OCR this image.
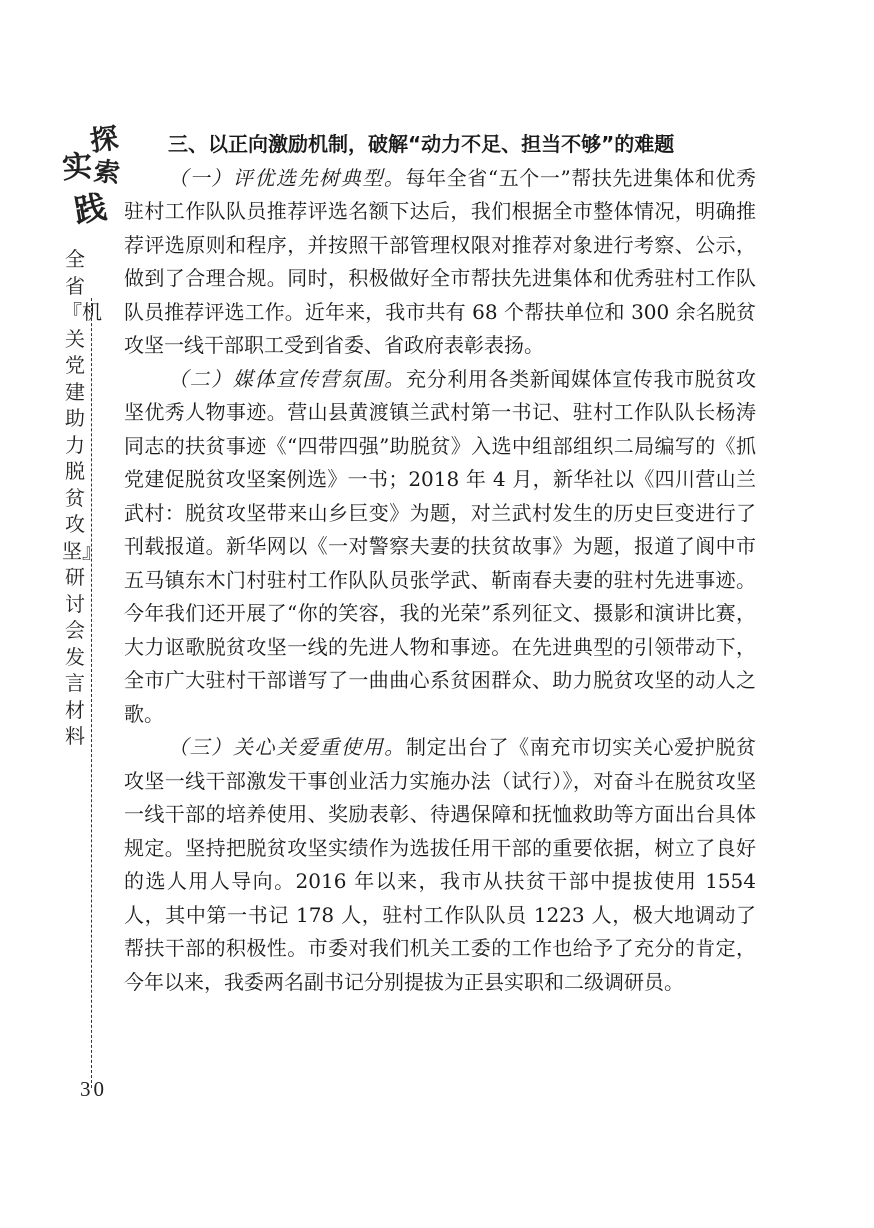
探
实
索
践
全省『机关党建助力脱贫攻坚』研讨会发言材料
30

三、以正向激励机制，破解“动力不足、担当不够”的难题

（一）评优选先树典型。每年全省“五个一”帮扶先进集体和优秀驻村工作队队员推荐评选名额下达后，我们根据全市整体情况，明确推荐评选原则和程序，并按照干部管理权限对推荐对象进行考察、公示，做到了合理合规。同时，积极做好全市帮扶先进集体和优秀驻村工作队队员推荐评选工作。近年来，我市共有 68 个帮扶单位和 300 余名脱贫攻坚一线干部职工受到省委、省政府表彰表扬。

（二）媒体宣传营氛围。充分利用各类新闻媒体宣传我市脱贫攻坚优秀人物事迹。营山县黄渡镇兰武村第一书记、驻村工作队队长杨涛同志的扶贫事迹《“四带四强”助脱贫》入选中组部组织二局编写的《抓党建促脱贫攻坚案例选》一书；2018 年 4 月，新华社以《四川营山兰武村：脱贫攻坚带来山乡巨变》为题，对兰武村发生的历史巨变进行了刊载报道。新华网以《一对警察夫妻的扶贫故事》为题，报道了阆中市五马镇东木门村驻村工作队队员张学武、靳南春夫妻的驻村先进事迹。今年我们还开展了“你的笑容，我的光荣”系列征文、摄影和演讲比赛，大力讴歌脱贫攻坚一线的先进人物和事迹。在先进典型的引领带动下，全市广大驻村干部谱写了一曲曲心系贫困群众、助力脱贫攻坚的动人之歌。

（三）关心关爱重使用。制定出台了《南充市切实关心爱护脱贫攻坚一线干部激发干事创业活力实施办法（试行）》，对奋斗在脱贫攻坚一线干部的培养使用、奖励表彰、待遇保障和抚恤救助等方面出台具体规定。坚持把脱贫攻坚实绩作为选拔任用干部的重要依据，树立了良好的选人用人导向。2016 年以来，我市从扶贫干部中提拔使用 1554 人，其中第一书记 178 人，驻村工作队队员 1223 人，极大地调动了帮扶干部的积极性。市委对我们机关工委的工作也给予了充分的肯定，今年以来，我委两名副书记分别提拔为正县实职和二级调研员。
